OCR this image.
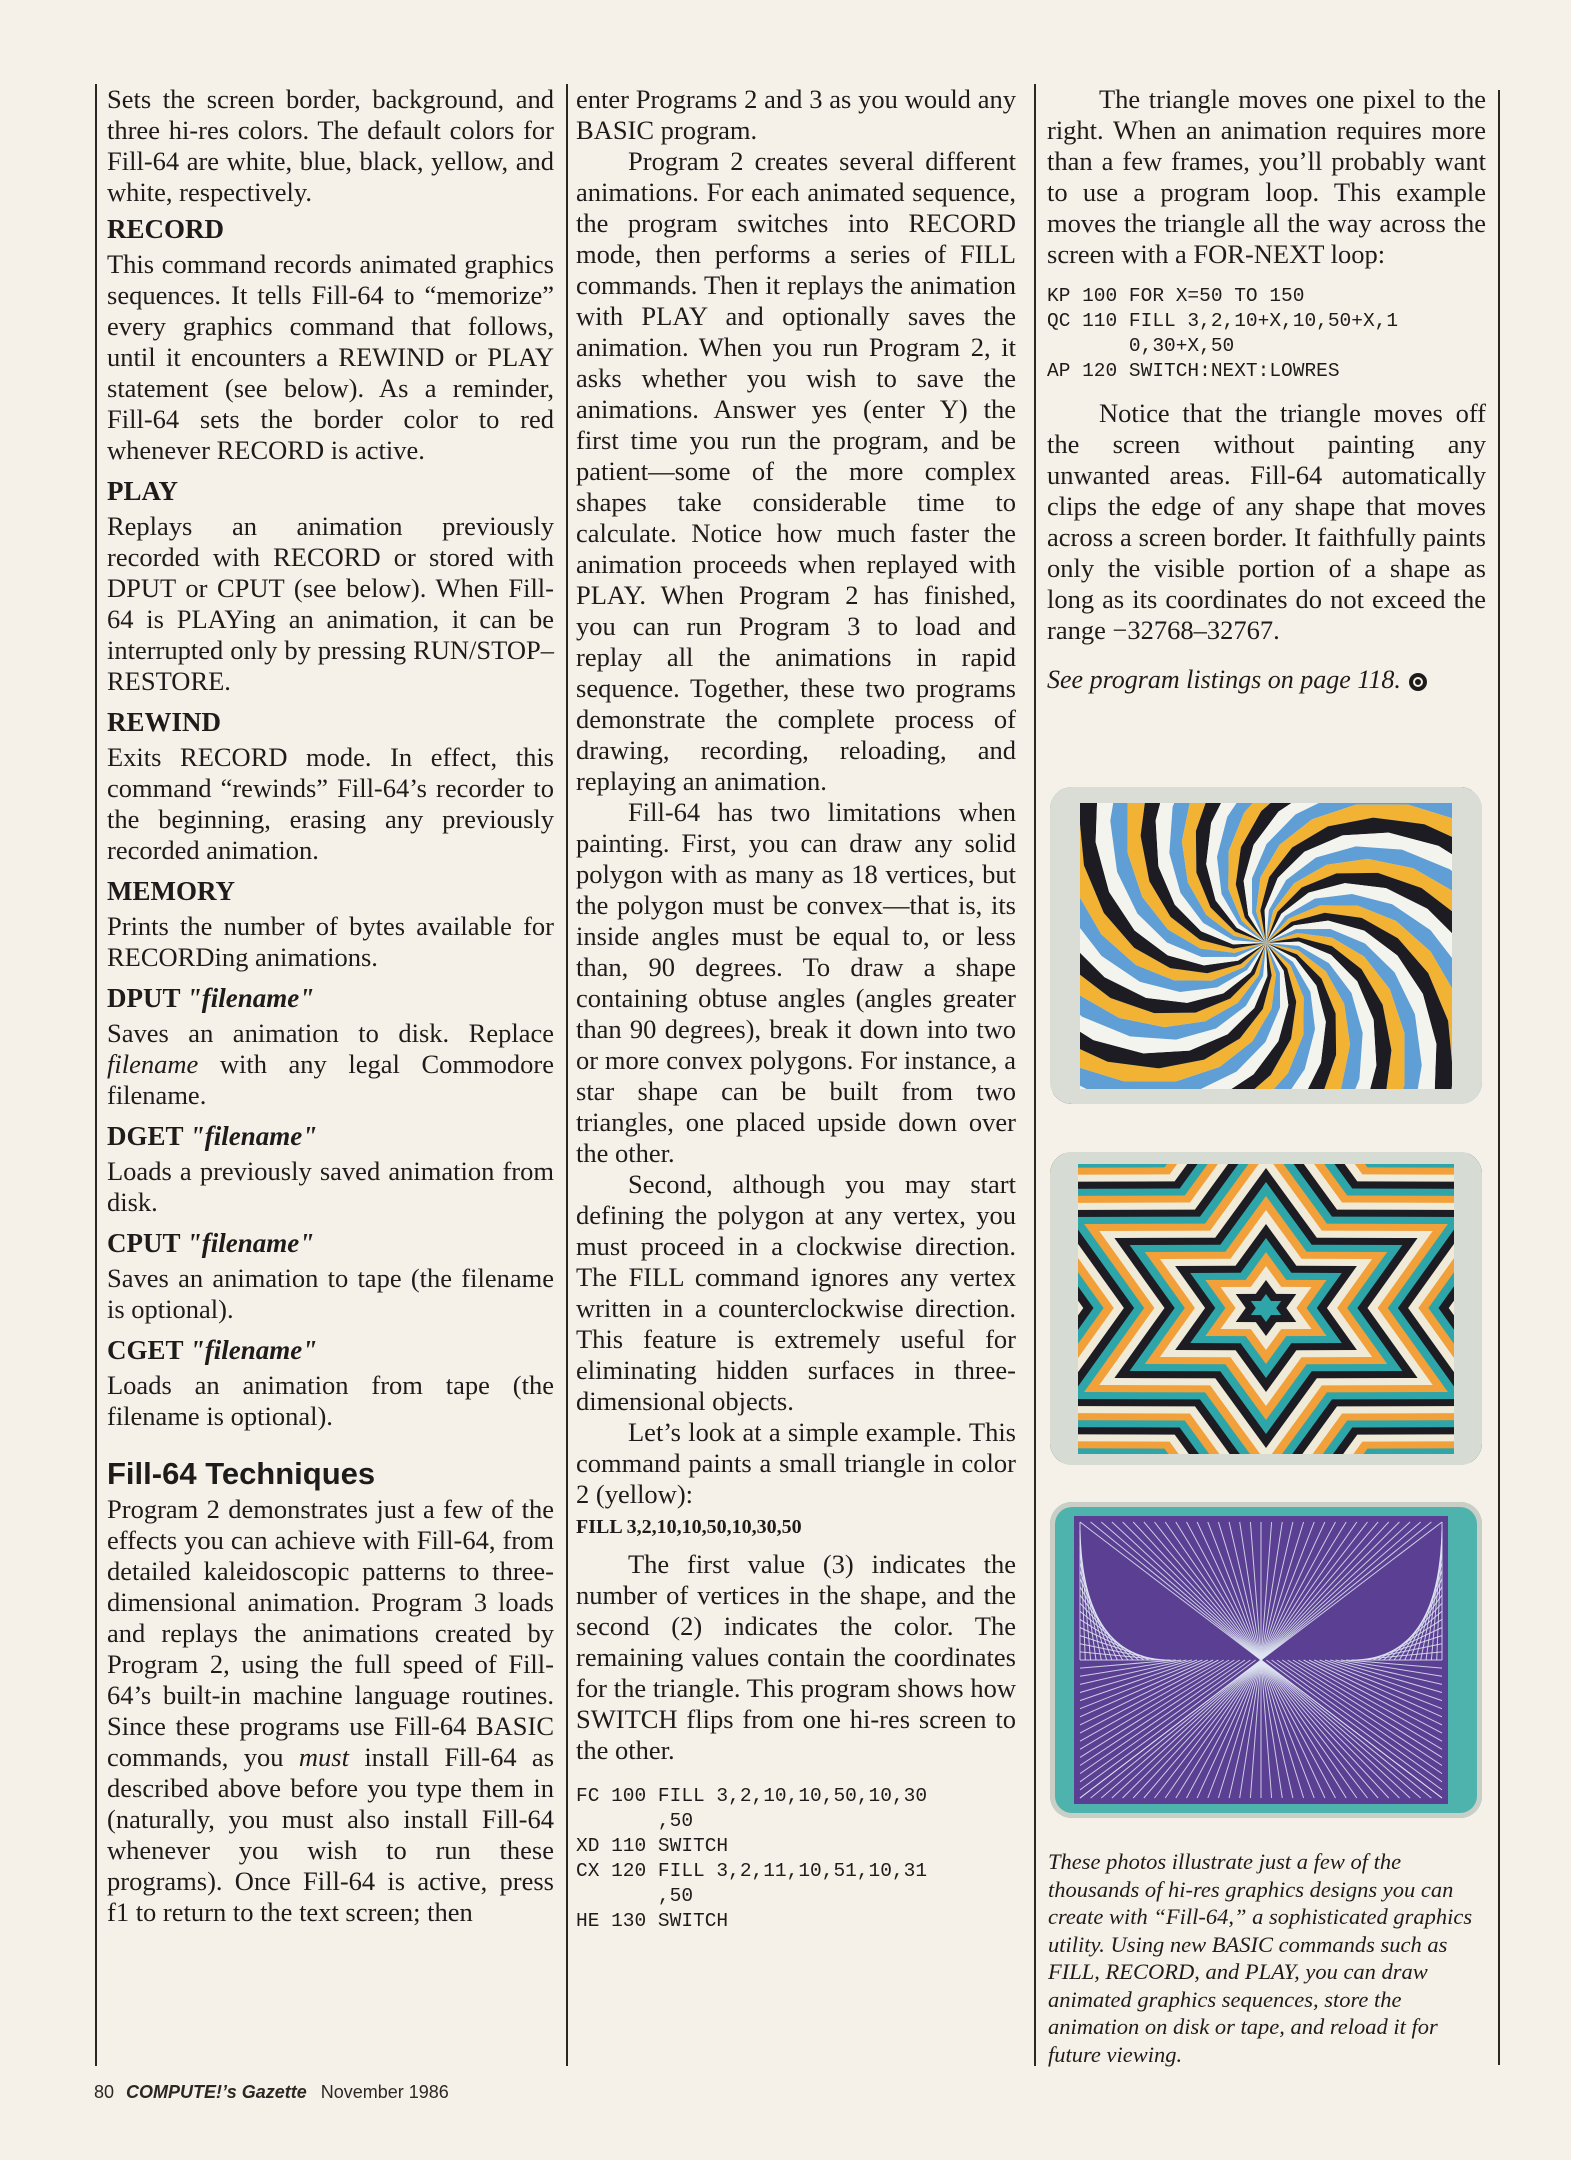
Sets the screen border, background, and three hi-res colors. The default colors for Fill-64 are white, blue, black, yellow, and white, respectively.

RECORD

This command records animated graphics sequences. It tells Fill-64 to “memorize” every graphics command that follows, until it encounters a REWIND or PLAY statement (see below). As a reminder, Fill-64 sets the border color to red whenever RECORD is active.

PLAY

Replays an animation previously recorded with RECORD or stored with DPUT or CPUT (see below). When Fill-64 is PLAYing an animation, it can be interrupted only by pressing RUN/STOP–RESTORE.

REWIND

Exits RECORD mode. In effect, this command “rewinds” Fill-64’s recorder to the beginning, erasing any previously recorded animation.

MEMORY

Prints the number of bytes available for RECORDing animations.

DPUT "filename"

Saves an animation to disk. Replace filename with any legal Commodore filename.

DGET "filename"

Loads a previously saved animation from disk.

CPUT "filename"

Saves an animation to tape (the filename is optional).

CGET "filename"

Loads an animation from tape (the filename is optional).

Fill-64 Techniques

Program 2 demonstrates just a few of the effects you can achieve with Fill-64, from detailed kaleidoscopic patterns to three-dimensional animation. Program 3 loads and replays the animations created by Program 2, using the full speed of Fill-64’s built-in machine language routines. Since these programs use Fill-64 BASIC commands, you must install Fill-64 as described above before you type them in (naturally, you must also install Fill-64 whenever you wish to run these programs). Once Fill-64 is active, press f1 to return to the text screen; then

enter Programs 2 and 3 as you would any BASIC program.

Program 2 creates several different animations. For each animated sequence, the program switches into RECORD mode, then performs a series of FILL commands. Then it replays the animation with PLAY and optionally saves the animation. When you run Program 2, it asks whether you wish to save the animations. Answer yes (enter Y) the first time you run the program, and be patient—some of the more complex shapes take considerable time to calculate. Notice how much faster the animation proceeds when replayed with PLAY. When Program 2 has finished, you can run Program 3 to load and replay all the animations in rapid sequence. Together, these two programs demonstrate the complete process of drawing, recording, reloading, and replaying an animation.

Fill-64 has two limitations when painting. First, you can draw any solid polygon with as many as 18 vertices, but the polygon must be convex—that is, its inside angles must be equal to, or less than, 90 degrees. To draw a shape containing obtuse angles (angles greater than 90 degrees), break it down into two or more convex polygons. For instance, a star shape can be built from two triangles, one placed upside down over the other.

Second, although you may start defining the polygon at any vertex, you must proceed in a clockwise direction. The FILL command ignores any vertex written in a counterclockwise direction. This feature is extremely useful for eliminating hidden surfaces in three-dimensional objects.

Let’s look at a simple example. This command paints a small triangle in color 2 (yellow):

FILL 3,2,10,10,50,10,30,50

The first value (3) indicates the number of vertices in the shape, and the second (2) indicates the color. The remaining values contain the coordinates for the triangle. This program shows how SWITCH flips from one hi-res screen to the other.

FC 100 FILL 3,2,10,10,50,10,30
,50
XD 110 SWITCH
CX 120 FILL 3,2,11,10,51,10,31
,50
HE 130 SWITCH

The triangle moves one pixel to the right. When an animation requires more than a few frames, you’ll probably want to use a program loop. This example moves the triangle all the way across the screen with a FOR-NEXT loop:

KP 100 FOR X=50 TO 150
QC 110 FILL 3,2,10+X,10,50+X,1
0,30+X,50
AP 120 SWITCH:NEXT:LOWRES

Notice that the triangle moves off the screen without painting any unwanted areas. Fill-64 automatically clips the edge of any shape that moves across a screen border. It faithfully paints only the visible portion of a shape as long as its coordinates do not exceed the range −32768–32767.

See program listings on page 118.

These photos illustrate just a few of the thousands of hi-res graphics designs you can create with “Fill-64,” a sophisticated graphics utility. Using new BASIC commands such as FILL, RECORD, and PLAY, you can draw animated graphics sequences, store the animation on disk or tape, and reload it for future viewing.

80 COMPUTE!’s Gazette November 1986
